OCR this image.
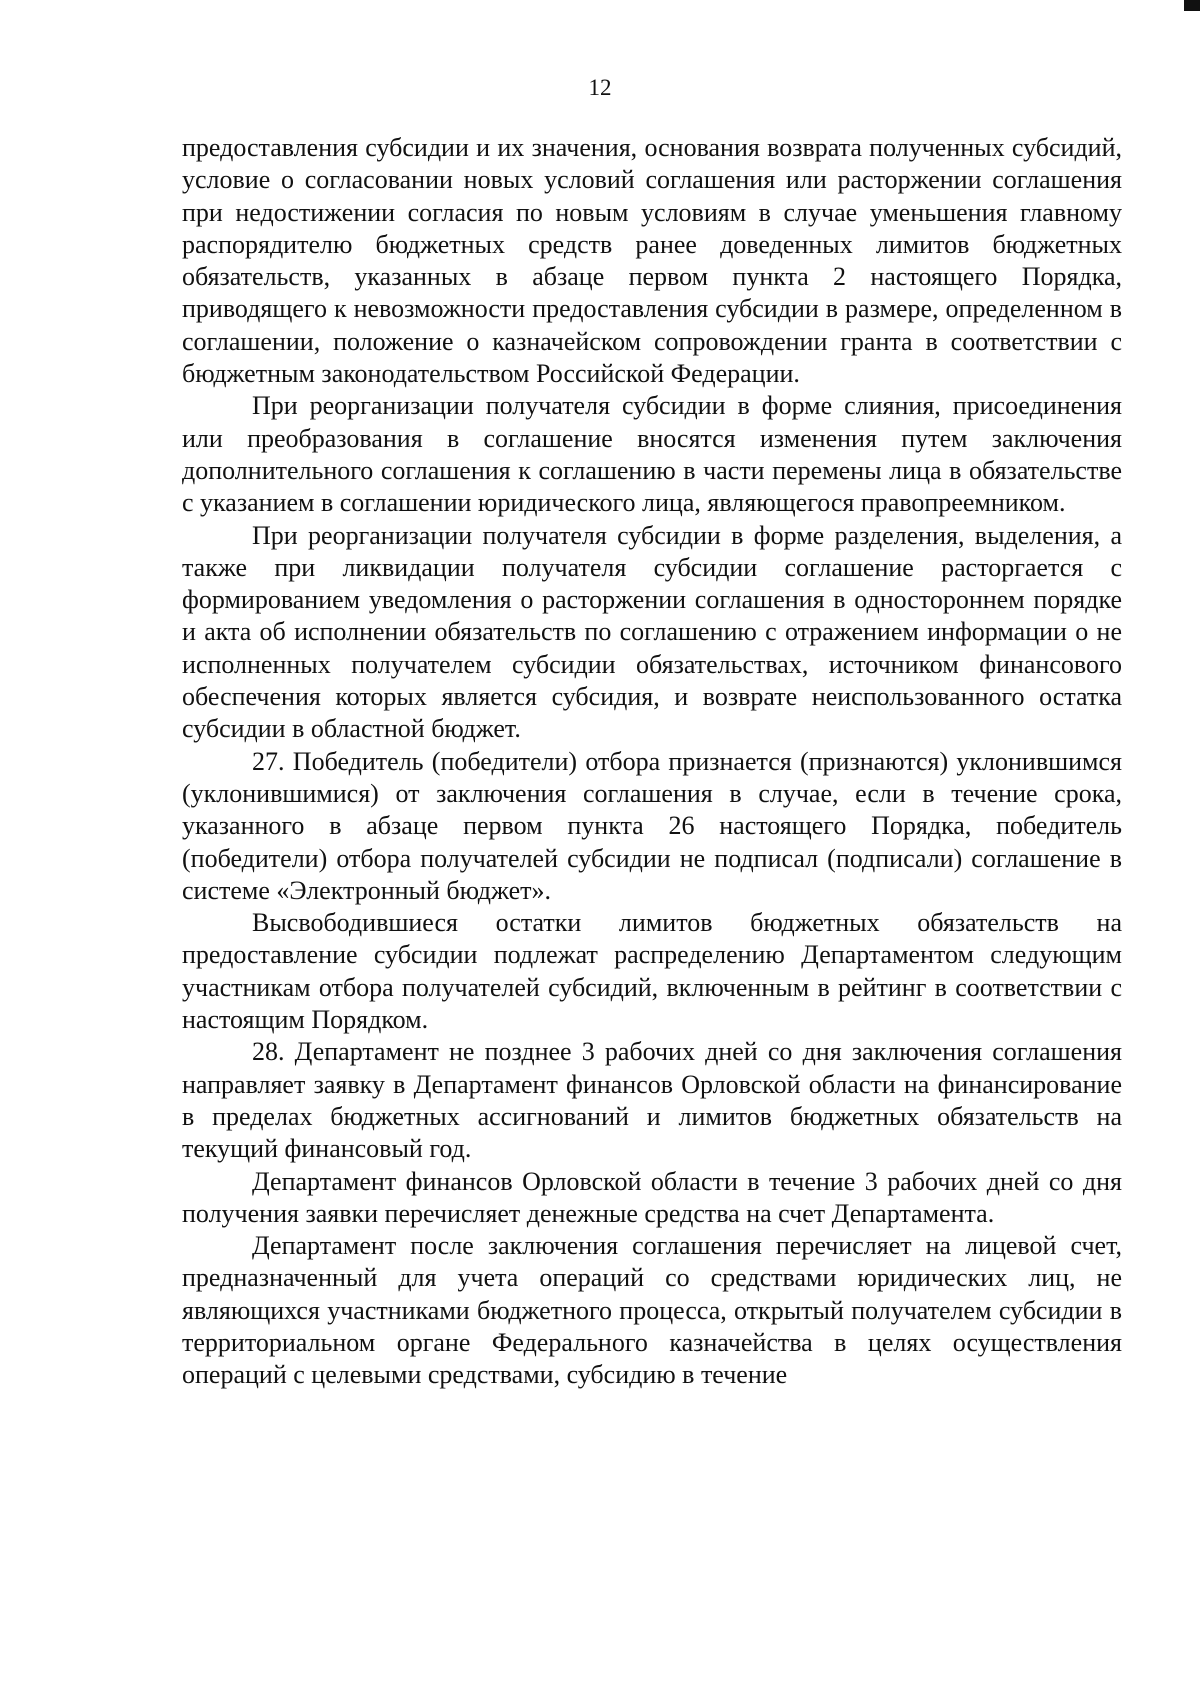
12

предоставления субсидии и их значения, основания возврата полученных субсидий, условие о согласовании новых условий соглашения или расторжении соглашения при недостижении согласия по новым условиям в случае уменьшения главному распорядителю бюджетных средств ранее доведенных лимитов бюджетных обязательств, указанных в абзаце первом пункта 2 настоящего Порядка, приводящего к невозможности предоставления субсидии в размере, определенном в соглашении, положение о казначейском сопровождении гранта в соответствии с бюджетным законодательством Российской Федерации.

При реорганизации получателя субсидии в форме слияния, присоединения или преобразования в соглашение вносятся изменения путем заключения дополнительного соглашения к соглашению в части перемены лица в обязательстве с указанием в соглашении юридического лица, являющегося правопреемником.

При реорганизации получателя субсидии в форме разделения, выделения, а также при ликвидации получателя субсидии соглашение расторгается с формированием уведомления о расторжении соглашения в одностороннем порядке и акта об исполнении обязательств по соглашению с отражением информации о не исполненных получателем субсидии обязательствах, источником финансового обеспечения которых является субсидия, и возврате неиспользованного остатка субсидии в областной бюджет.

27. Победитель (победители) отбора признается (признаются) уклонившимся (уклонившимися) от заключения соглашения в случае, если в течение срока, указанного в абзаце первом пункта 26 настоящего Порядка, победитель (победители) отбора получателей субсидии не подписал (подписали) соглашение в системе «Электронный бюджет».

Высвободившиеся остатки лимитов бюджетных обязательств на предоставление субсидии подлежат распределению Департаментом следующим участникам отбора получателей субсидий, включенным в рейтинг в соответствии с настоящим Порядком.

28. Департамент не позднее 3 рабочих дней со дня заключения соглашения направляет заявку в Департамент финансов Орловской области на финансирование в пределах бюджетных ассигнований и лимитов бюджетных обязательств на текущий финансовый год.

Департамент финансов Орловской области в течение 3 рабочих дней со дня получения заявки перечисляет денежные средства на счет Департамента.

Департамент после заключения соглашения перечисляет на лицевой счет, предназначенный для учета операций со средствами юридических лиц, не являющихся участниками бюджетного процесса, открытый получателем субсидии в территориальном органе Федерального казначейства в целях осуществления операций с целевыми средствами, субсидию в течение
